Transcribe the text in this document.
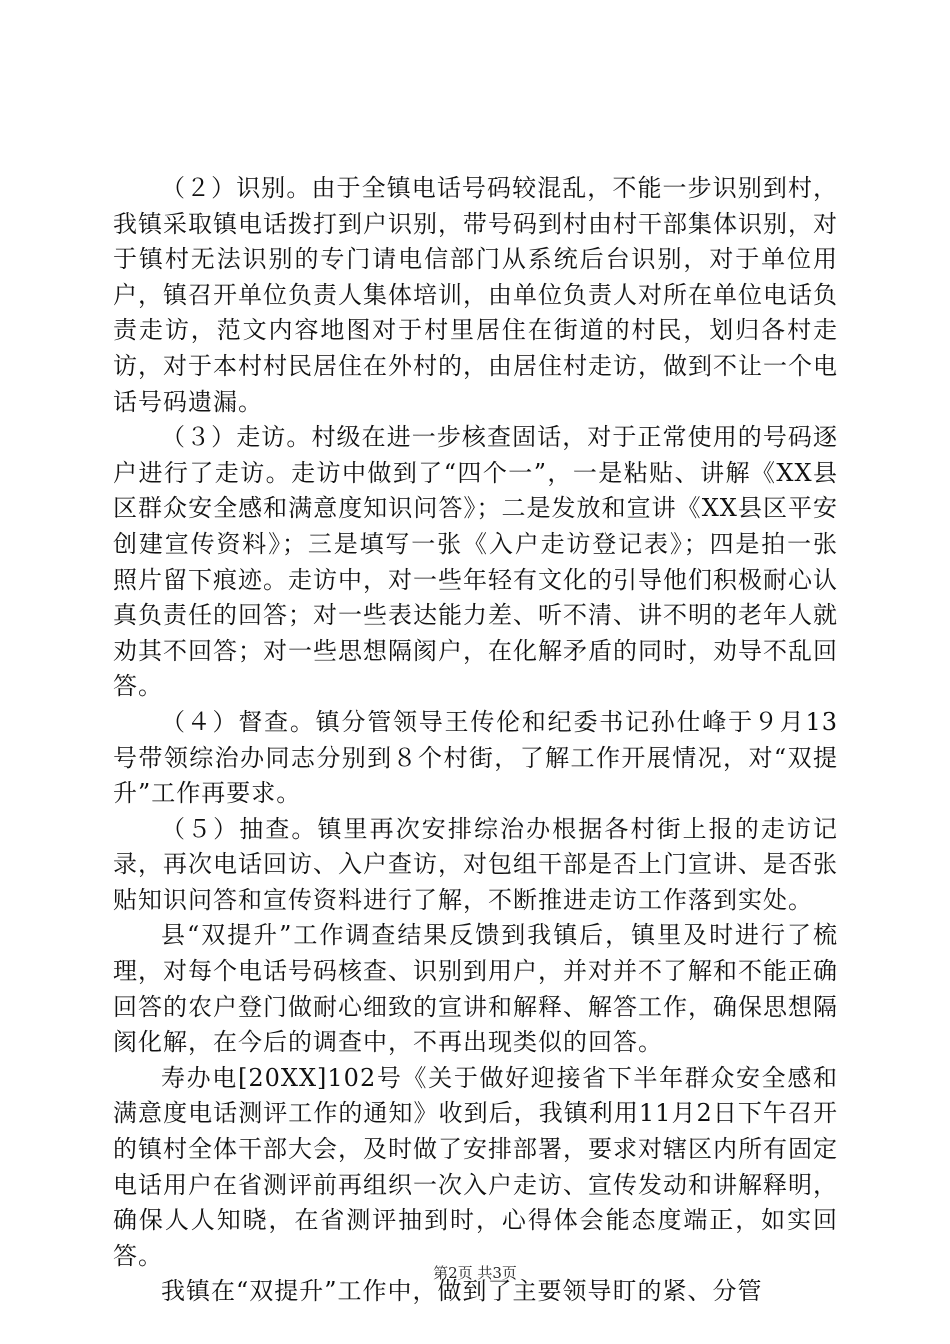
（２）识别。由于全镇电话号码较混乱，不能一步识别到村，我镇采取镇电话拨打到户识别，带号码到村由村干部集体识别，对于镇村无法识别的专门请电信部门从系统后台识别，对于单位用户，镇召开单位负责人集体培训，由单位负责人对所在单位电话负责走访，范文内容地图对于村里居住在街道的村民，划归各村走访，对于本村村民居住在外村的，由居住村走访，做到不让一个电话号码遗漏。

（３）走访。村级在进一步核查固话，对于正常使用的号码逐户进行了走访。走访中做到了“四个一”，一是粘贴、讲解《XX县区群众安全感和满意度知识问答》；二是发放和宣讲《XX县区平安创建宣传资料》；三是填写一张《入户走访登记表》；四是拍一张照片留下痕迹。走访中，对一些年轻有文化的引导他们积极耐心认真负责任的回答；对一些表达能力差、听不清、讲不明的老年人就劝其不回答；对一些思想隔阂户，在化解矛盾的同时，劝导不乱回答。

（４）督查。镇分管领导王传伦和纪委书记孙仕峰于９月13号带领综治办同志分别到８个村街，了解工作开展情况，对“双提升”工作再要求。

（５）抽查。镇里再次安排综治办根据各村街上报的走访记录，再次电话回访、入户查访，对包组干部是否上门宣讲、是否张贴知识问答和宣传资料进行了解，不断推进走访工作落到实处。

县“双提升”工作调查结果反馈到我镇后，镇里及时进行了梳理，对每个电话号码核查、识别到用户，并对并不了解和不能正确回答的农户登门做耐心细致的宣讲和解释、解答工作，确保思想隔阂化解，在今后的调查中，不再出现类似的回答。

寿办电[20XX]102号《关于做好迎接省下半年群众安全感和满意度电话测评工作的通知》收到后，我镇利用11月2日下午召开的镇村全体干部大会，及时做了安排部署，要求对辖区内所有固定电话用户在省测评前再组织一次入户走访、宣传发动和讲解释明，确保人人知晓，在省测评抽到时，心得体会能态度端正，如实回答。

我镇在“双提升”工作中，做到了主要领导盯的紧、分管

第2页 共3页
